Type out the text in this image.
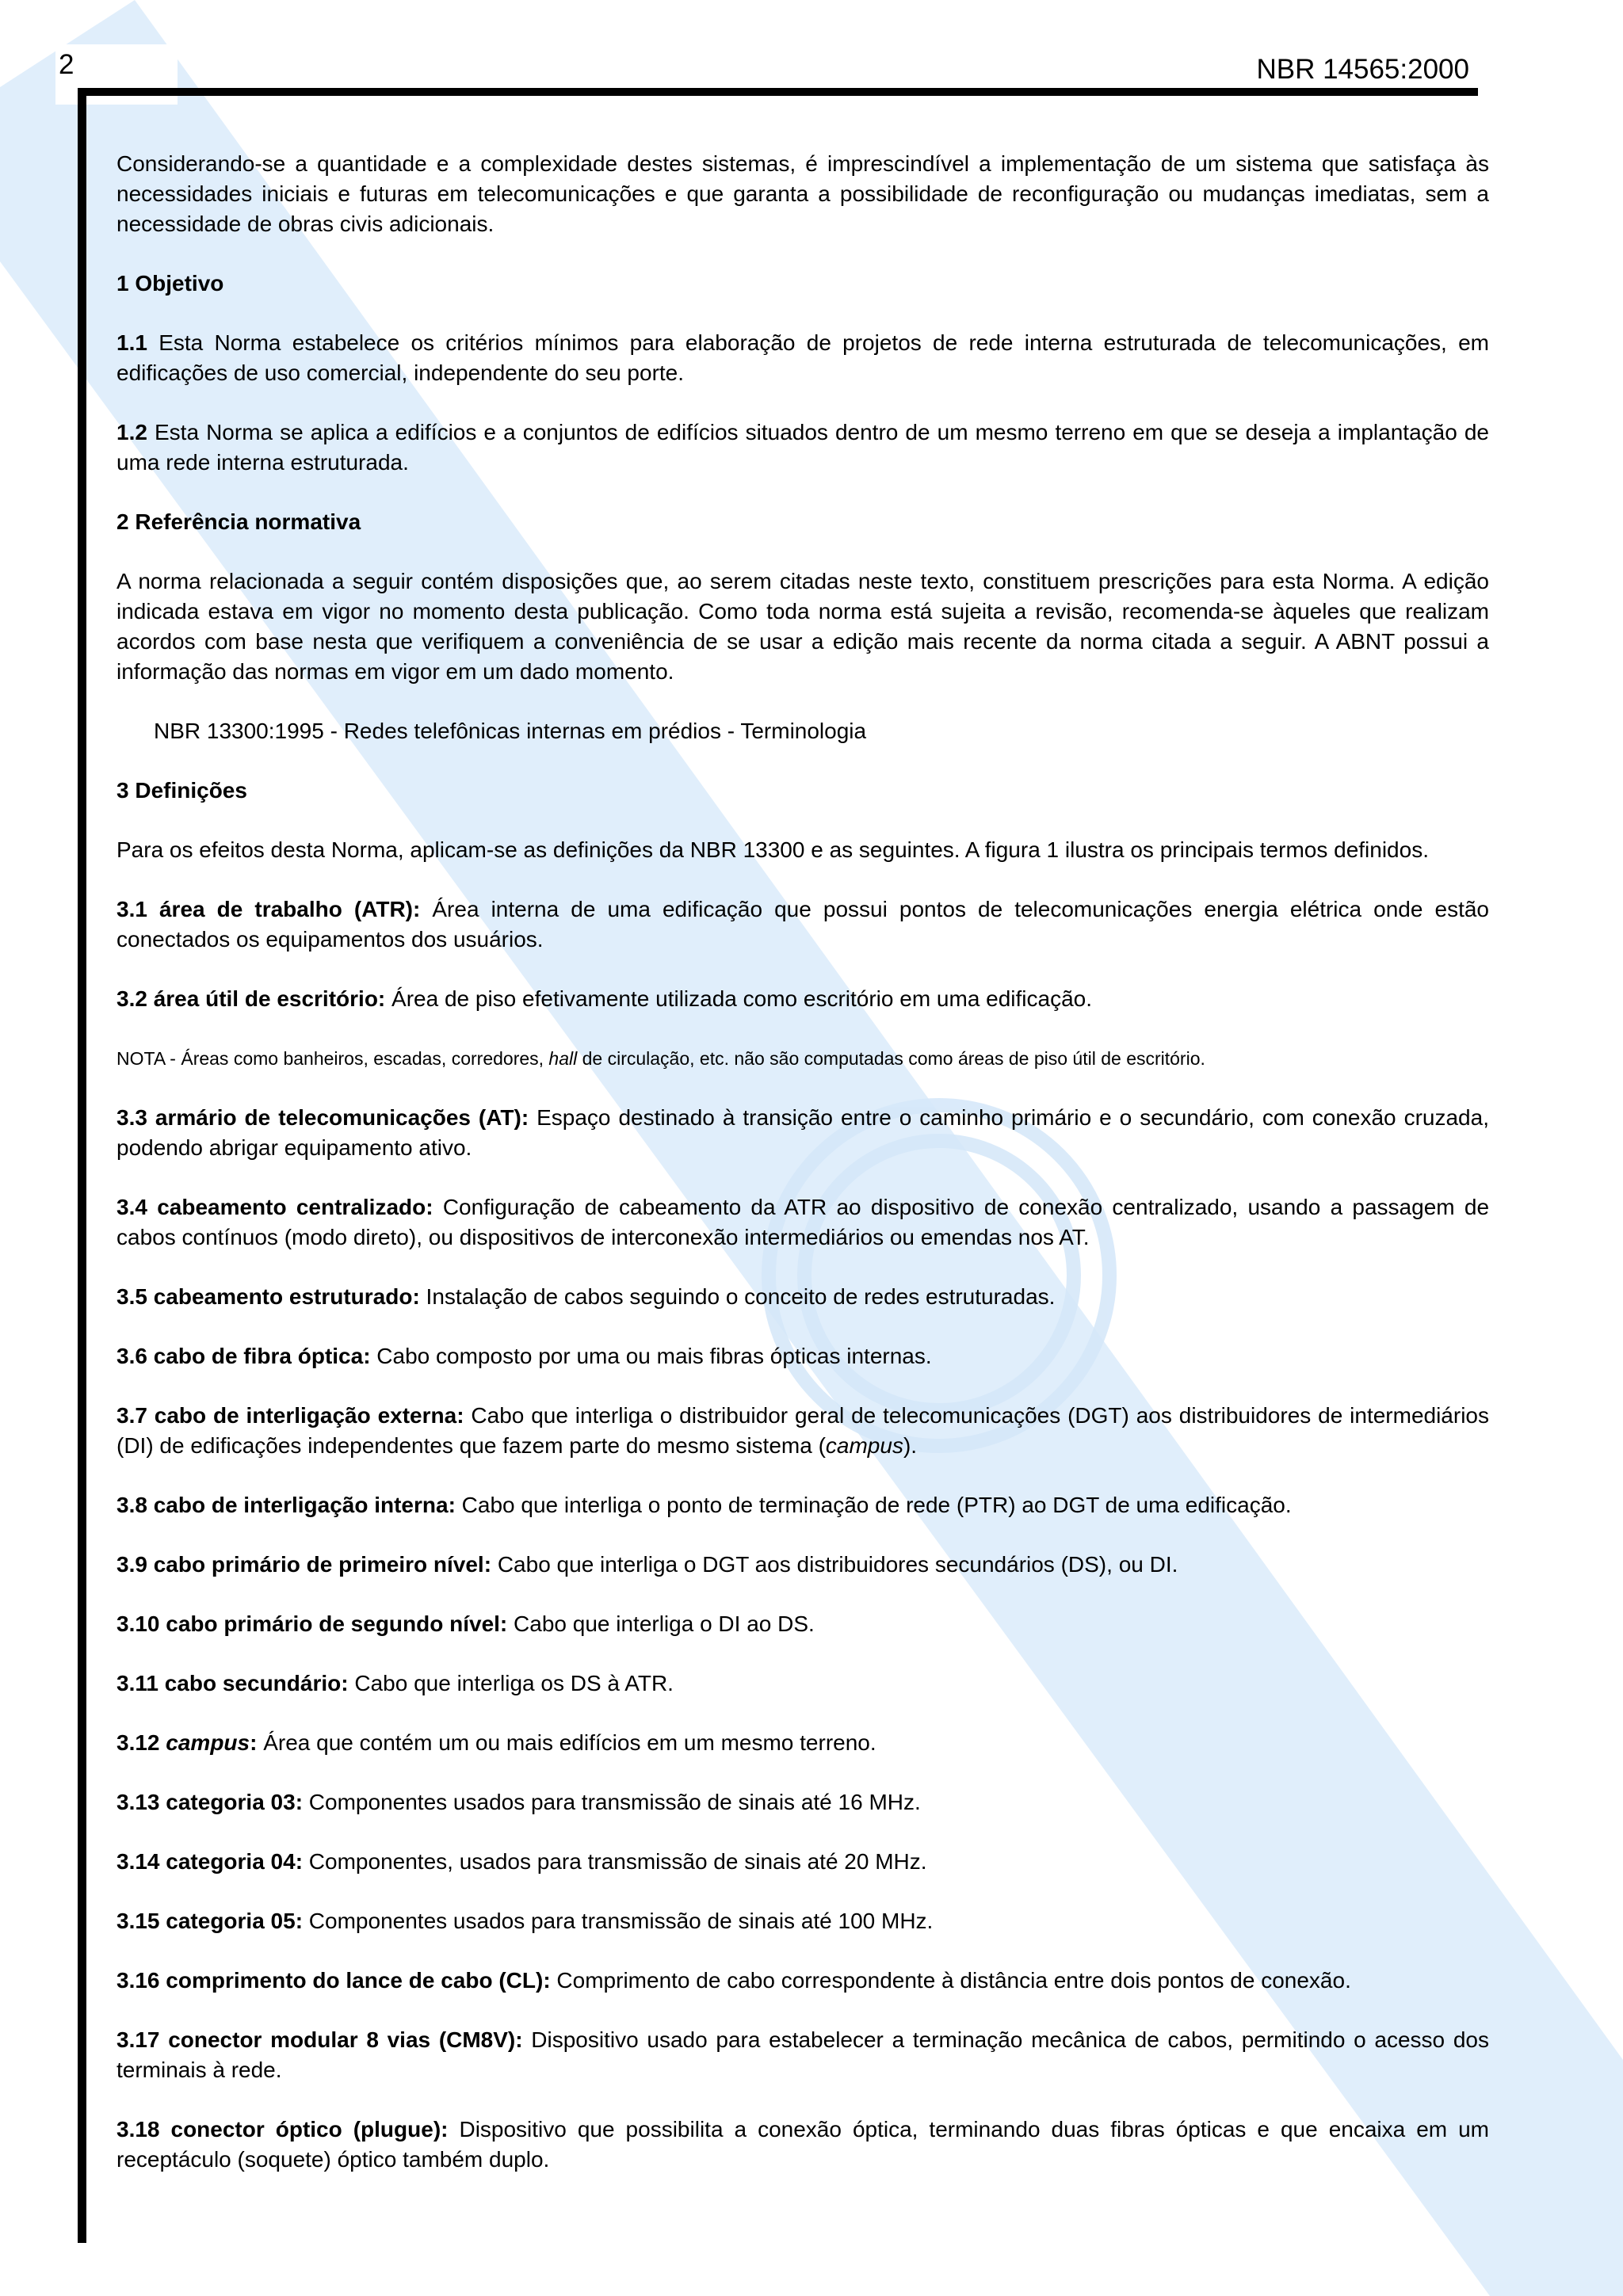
2	NBR 14565:2000

Considerando-se a quantidade e a complexidade destes sistemas, é imprescindível a implementação de um sistema que satisfaça às necessidades iniciais e futuras em telecomunicações e que garanta a possibilidade de reconfiguração ou mudanças imediatas, sem a necessidade de obras civis adicionais.

1 Objetivo

1.1 Esta Norma estabelece os critérios mínimos para elaboração de projetos de rede interna estruturada de telecomunicações, em edificações de uso comercial, independente do seu porte.

1.2 Esta Norma se aplica a edifícios e a conjuntos de edifícios situados dentro de um mesmo terreno em que se deseja a implantação de uma rede interna estruturada.

2 Referência normativa

A norma relacionada a seguir contém disposições que, ao serem citadas neste texto, constituem prescrições para esta Norma. A edição indicada estava em vigor no momento desta publicação. Como toda norma está sujeita a revisão, recomenda-se àqueles que realizam acordos com base nesta que verifiquem a conveniência de se usar a edição mais recente da norma citada a seguir. A ABNT possui a informação das normas em vigor em um dado momento.

NBR 13300:1995 - Redes telefônicas internas em prédios - Terminologia

3 Definições

Para os efeitos desta Norma, aplicam-se as definições da NBR 13300 e as seguintes. A figura 1 ilustra os principais termos definidos.

3.1 área de trabalho (ATR): Área interna de uma edificação que possui pontos de telecomunicações energia elétrica onde estão conectados os equipamentos dos usuários.

3.2 área útil de escritório: Área de piso efetivamente utilizada como escritório em uma edificação.

NOTA - Áreas como banheiros, escadas, corredores, hall de circulação, etc. não são computadas como áreas de piso útil de escritório.

3.3 armário de telecomunicações (AT): Espaço destinado à transição entre o caminho primário e o secundário, com conexão cruzada, podendo abrigar equipamento ativo.

3.4 cabeamento centralizado: Configuração de cabeamento da ATR ao dispositivo de conexão centralizado, usando a passagem de cabos contínuos (modo direto), ou dispositivos de interconexão intermediários ou emendas nos AT.

3.5 cabeamento estruturado: Instalação de cabos seguindo o conceito de redes estruturadas.

3.6 cabo de fibra óptica: Cabo composto por uma ou mais fibras ópticas internas.

3.7 cabo de interligação externa: Cabo que interliga o distribuidor geral de telecomunicações (DGT) aos distribuidores de intermediários (DI) de edificações independentes que fazem parte do mesmo sistema (campus).

3.8 cabo de interligação interna: Cabo que interliga o ponto de terminação de rede (PTR) ao DGT de uma edificação.

3.9 cabo primário de primeiro nível: Cabo que interliga o DGT aos distribuidores secundários (DS), ou DI.

3.10 cabo primário de segundo nível: Cabo que interliga o DI ao DS.

3.11 cabo secundário: Cabo que interliga os DS à ATR.

3.12 campus: Área que contém um ou mais edifícios em um mesmo terreno.

3.13 categoria 03: Componentes usados para transmissão de sinais até 16 MHz.

3.14 categoria 04: Componentes, usados para transmissão de sinais até 20 MHz.

3.15 categoria 05: Componentes usados para transmissão de sinais até 100 MHz.

3.16 comprimento do lance de cabo (CL): Comprimento de cabo correspondente à distância entre dois pontos de conexão.

3.17 conector modular 8 vias (CM8V): Dispositivo usado para estabelecer a terminação mecânica de cabos, permitindo o acesso dos terminais à rede.

3.18 conector óptico (plugue): Dispositivo que possibilita a conexão óptica, terminando duas fibras ópticas e que encaixa em um receptáculo (soquete) óptico também duplo.
